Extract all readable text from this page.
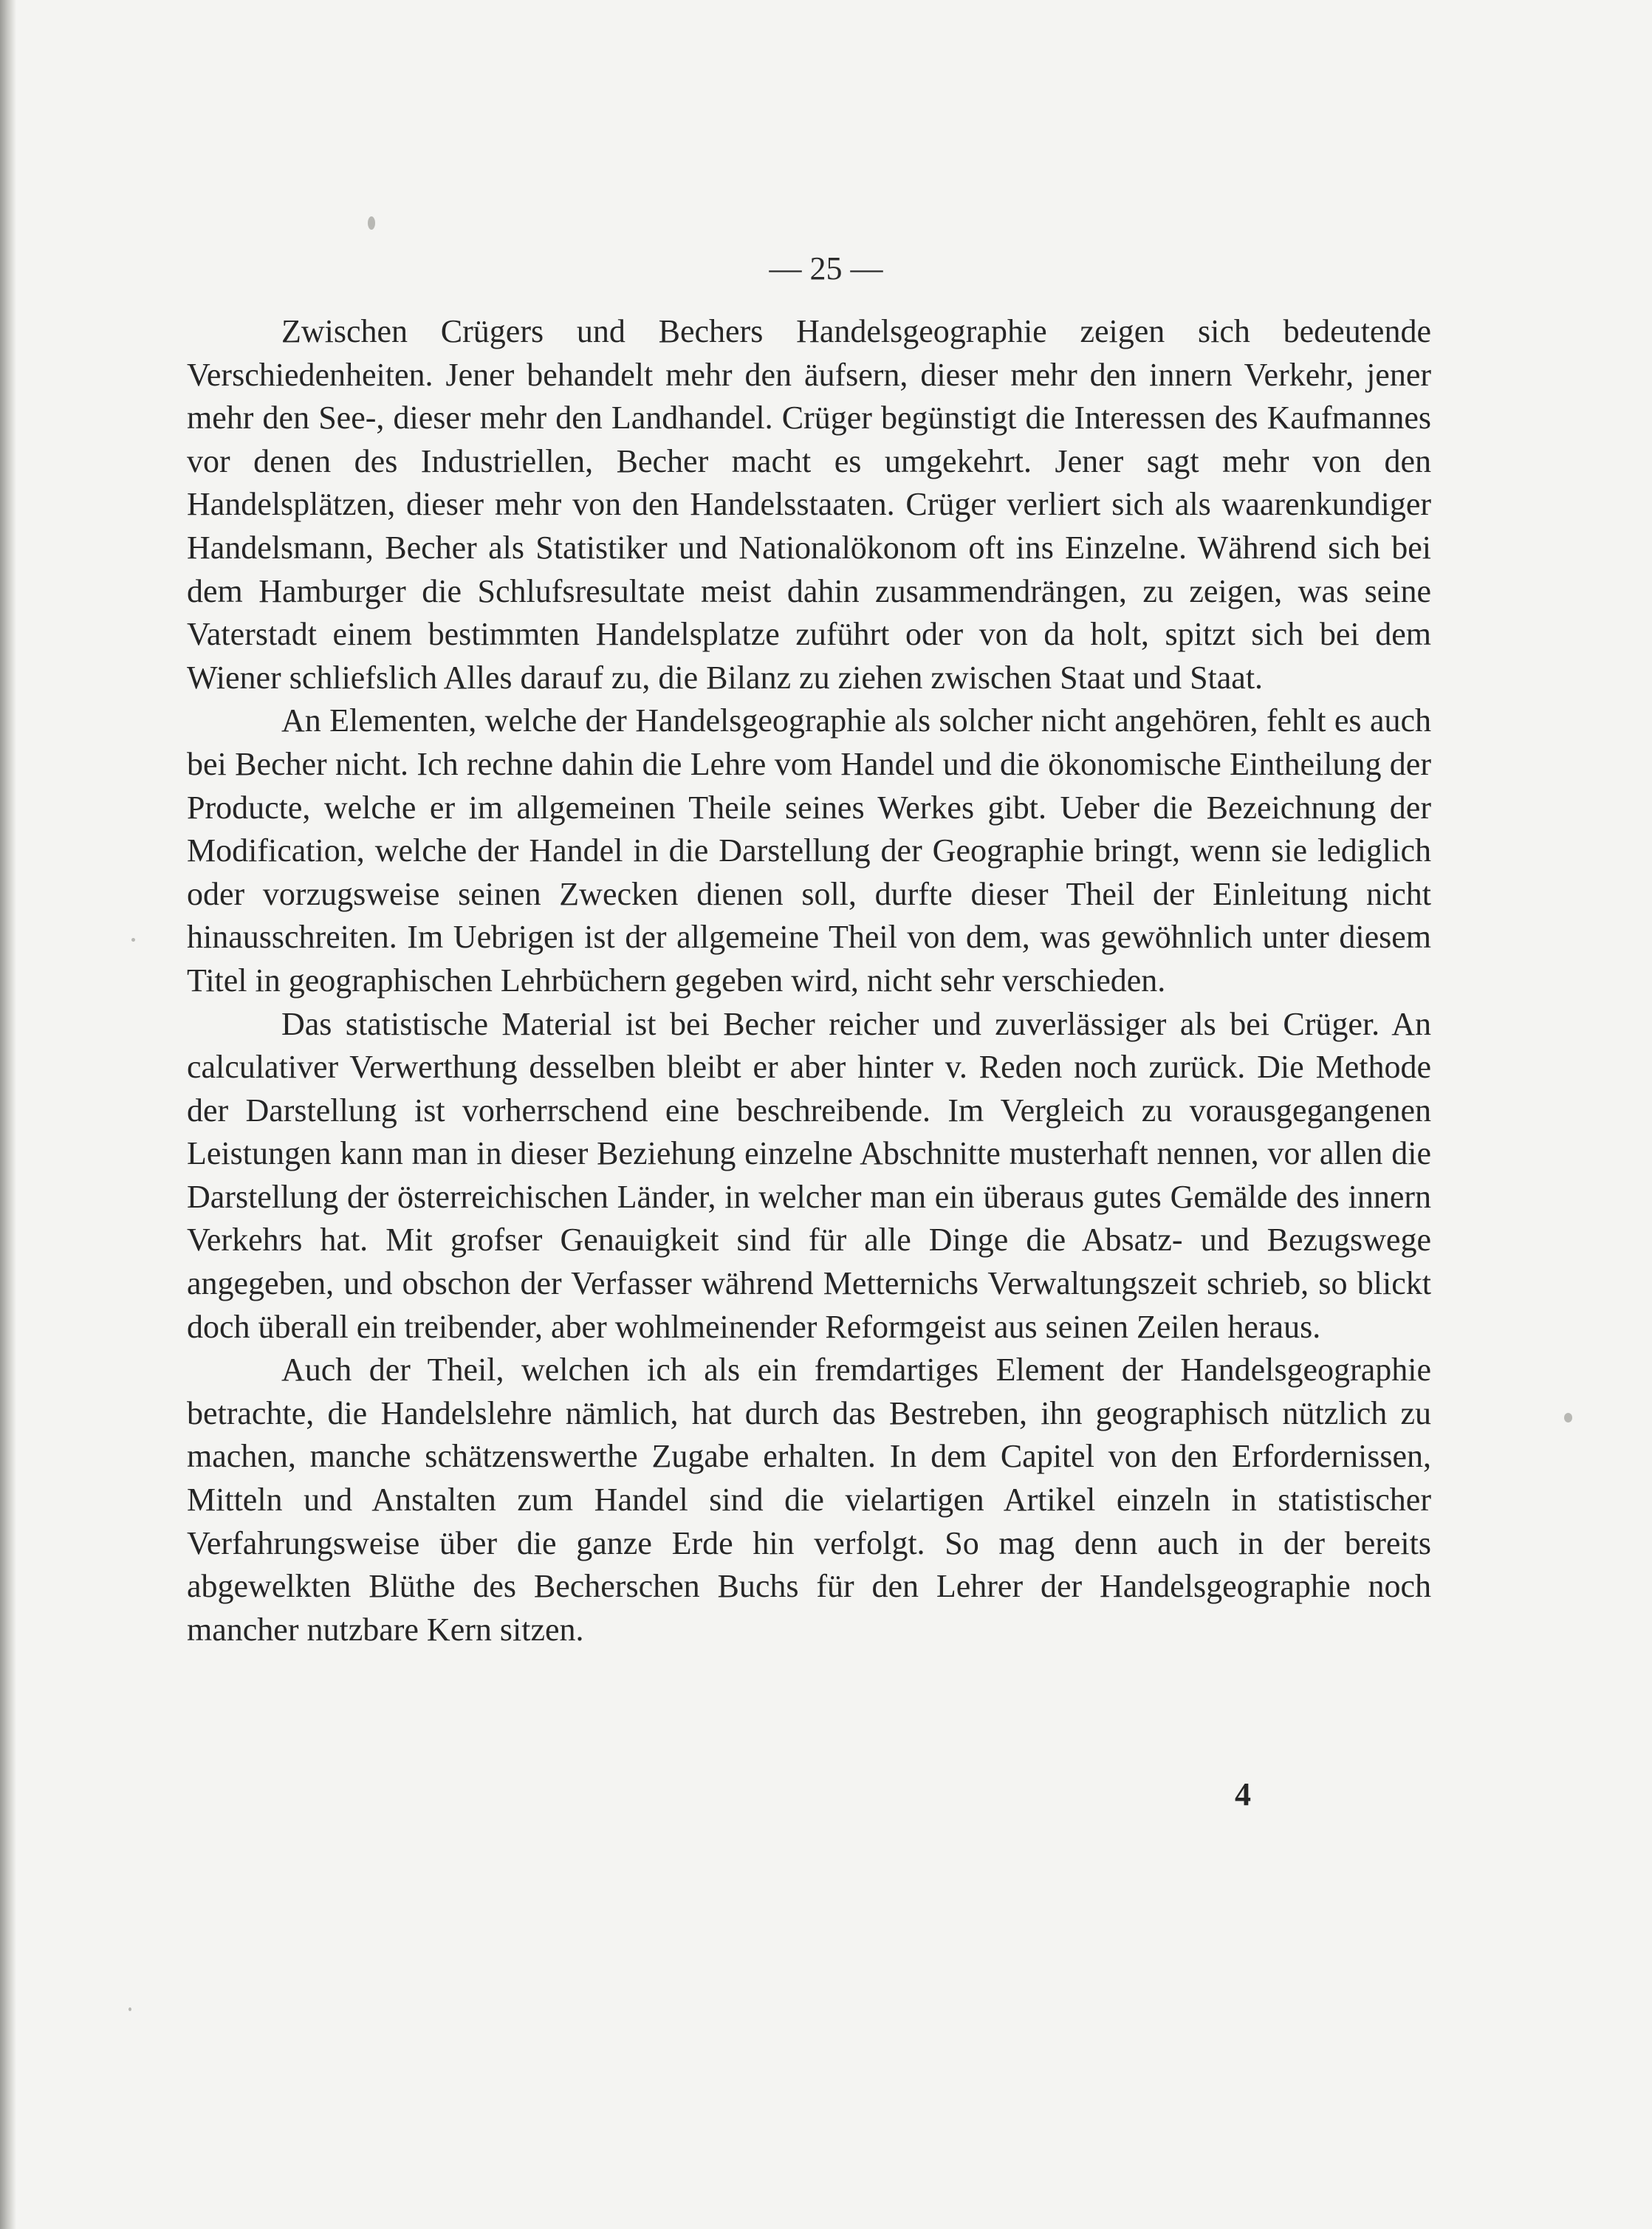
— 25 —

Zwischen Crügers und Bechers Handelsgeographie zeigen sich bedeutende Verschiedenheiten. Jener behandelt mehr den äufsern, dieser mehr den innern Verkehr, jener mehr den See-, dieser mehr den Landhandel. Crüger begünstigt die Interessen des Kaufmannes vor denen des Industriellen, Becher macht es umgekehrt. Jener sagt mehr von den Handelsplätzen, dieser mehr von den Handelsstaaten. Crüger verliert sich als waarenkundiger Handelsmann, Becher als Statistiker und Nationalökonom oft ins Einzelne. Während sich bei dem Hamburger die Schlufsresultate meist dahin zusammendrängen, zu zeigen, was seine Vaterstadt einem bestimmten Handelsplatze zuführt oder von da holt, spitzt sich bei dem Wiener schliefslich Alles darauf zu, die Bilanz zu ziehen zwischen Staat und Staat.

An Elementen, welche der Handelsgeographie als solcher nicht angehören, fehlt es auch bei Becher nicht. Ich rechne dahin die Lehre vom Handel und die ökonomische Eintheilung der Producte, welche er im allgemeinen Theile seines Werkes gibt. Ueber die Bezeichnung der Modification, welche der Handel in die Darstellung der Geographie bringt, wenn sie lediglich oder vorzugsweise seinen Zwecken dienen soll, durfte dieser Theil der Einleitung nicht hinausschreiten. Im Uebrigen ist der allgemeine Theil von dem, was gewöhnlich unter diesem Titel in geographischen Lehrbüchern gegeben wird, nicht sehr verschieden.

Das statistische Material ist bei Becher reicher und zuverlässiger als bei Crüger. An calculativer Verwerthung desselben bleibt er aber hinter v. Reden noch zurück. Die Methode der Darstellung ist vorherrschend eine beschreibende. Im Vergleich zu vorausgegangenen Leistungen kann man in dieser Beziehung einzelne Abschnitte musterhaft nennen, vor allen die Darstellung der österreichischen Länder, in welcher man ein überaus gutes Gemälde des innern Verkehrs hat. Mit grofser Genauigkeit sind für alle Dinge die Absatz- und Bezugswege angegeben, und obschon der Verfasser während Metternichs Verwaltungszeit schrieb, so blickt doch überall ein treibender, aber wohlmeinender Reformgeist aus seinen Zeilen heraus.

Auch der Theil, welchen ich als ein fremdartiges Element der Handelsgeographie betrachte, die Handelslehre nämlich, hat durch das Bestreben, ihn geographisch nützlich zu machen, manche schätzenswerthe Zugabe erhalten. In dem Capitel von den Erfordernissen, Mitteln und Anstalten zum Handel sind die vielartigen Artikel einzeln in statistischer Verfahrungsweise über die ganze Erde hin verfolgt. So mag denn auch in der bereits abgewelkten Blüthe des Becherschen Buchs für den Lehrer der Handelsgeographie noch mancher nutzbare Kern sitzen.

4
